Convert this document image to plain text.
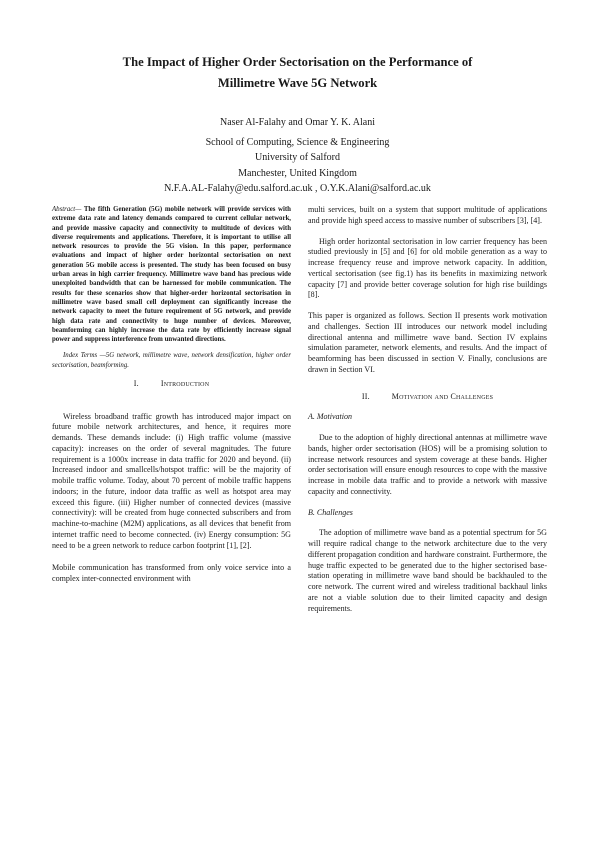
The Impact of Higher Order Sectorisation on the Performance of
Millimetre Wave 5G Network
Naser Al-Falahy and Omar Y. K. Alani
School of Computing, Science & Engineering
University of Salford
Manchester, United Kingdom
N.F.A.AL-Falahy@edu.salford.ac.uk , O.Y.K.Alani@salford.ac.uk

Abstract— The fifth Generation (5G) mobile network will provide services with extreme data rate and latency demands compared to current cellular network, and provide massive capacity and connectivity to multitude of devices with diverse requirements and applications. Therefore, it is important to utilise all network resources to provide the 5G vision. In this paper, performance evaluations and impact of higher order horizontal sectorisation on next generation 5G mobile access is presented. The study has been focused on busy urban areas in high carrier frequency. Millimetre wave band has precious wide unexploited bandwidth that can be harnessed for mobile communication. The results for these scenarios show that higher-order horizontal sectorisation in millimetre wave based small cell deployment can significantly increase the network capacity to meet the future requirement of 5G network, and provide high data rate and connectivity to huge number of devices. Moreover, beamforming can highly increase the data rate by efficiently increase signal power and suppress interference from unwanted directions.

Index Terms —5G network, millimetre wave, network densification, higher order sectorisation, beamforming.

I.	Introduction

Wireless broadband traffic growth has introduced major impact on future mobile network architectures, and hence, it requires more demands. These demands include: (i) High traffic volume (massive capacity): increases on the order of several magnitudes. The future requirement is a 1000x increase in data traffic for 2020 and beyond. (ii) Increased indoor and smallcells/hotspot traffic: will be the majority of mobile traffic volume. Today, about 70 percent of mobile traffic happens indoors; in the future, indoor data traffic as well as hotspot area may exceed this figure. (iii) Higher number of connected devices (massive connectivity): will be created from huge connected subscribers and from machine-to-machine (M2M) applications, as all devices that benefit from internet traffic need to become connected. (iv) Energy consumption: 5G need to be a green network to reduce carbon footprint [1], [2].

Mobile communication has transformed from only voice service into a complex inter-connected environment with

multi services, built on a system that support multitude of applications and provide high speed access to massive number of subscribers [3], [4].

High order horizontal sectorisation in low carrier frequency has been studied previously in [5] and [6] for old mobile generation as a way to increase frequency reuse and improve network capacity. In addition, vertical sectorisation (see fig.1) has its benefits in maximizing network capacity [7] and provide better coverage solution for high rise buildings [8].

This paper is organized as follows. Section II presents work motivation and challenges. Section III introduces our network model including directional antenna and millimetre wave band. Section IV explains simulation parameter, network elements, and results. And the impact of beamforming has been discussed in section V. Finally, conclusions are drawn in Section VI.

II.	Motivation and Challenges
A. Motivation

Due to the adoption of highly directional antennas at millimetre wave bands, higher order sectorisation (HOS) will be a promising solution to increase network resources and system coverage at these bands. Higher order sectorisation will ensure enough resources to cope with the massive increase in mobile data traffic and to provide a network with massive capacity and connectivity.

B. Challenges

The adoption of millimetre wave band as a potential spectrum for 5G will require radical change to the network architecture due to the very different propagation condition and hardware constraint. Furthermore, the huge traffic expected to be generated due to the higher sectorised base-station operating in millimetre wave band should be backhauled to the core network. The current wired and wireless traditional backhaul links are not a viable solution due to their limited capacity and design requirements.
